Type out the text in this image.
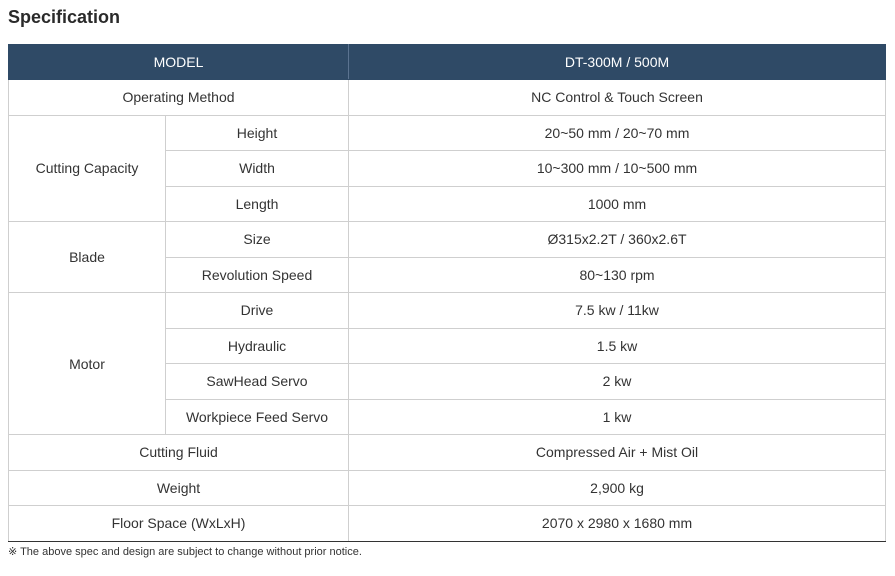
Specification
MODEL		DT-300M / 500M
Operating Method		NC Control & Touch Screen
Cutting Capacity	Height	20~50 mm / 20~70 mm
	Width	10~300 mm / 10~500 mm
	Length	1000 mm
Blade	Size	Ø315x2.2T / 360x2.6T
	Revolution Speed	80~130 rpm
Motor	Drive	7.5 kw / 11kw
	Hydraulic	1.5 kw
	SawHead Servo	2 kw
	Workpiece Feed Servo	1 kw
Cutting Fluid		Compressed Air + Mist Oil
Weight		2,900 kg
Floor Space (WxLxH)		2070 x 2980 x 1680 mm

※ The above spec and design are subject to change without prior notice.
